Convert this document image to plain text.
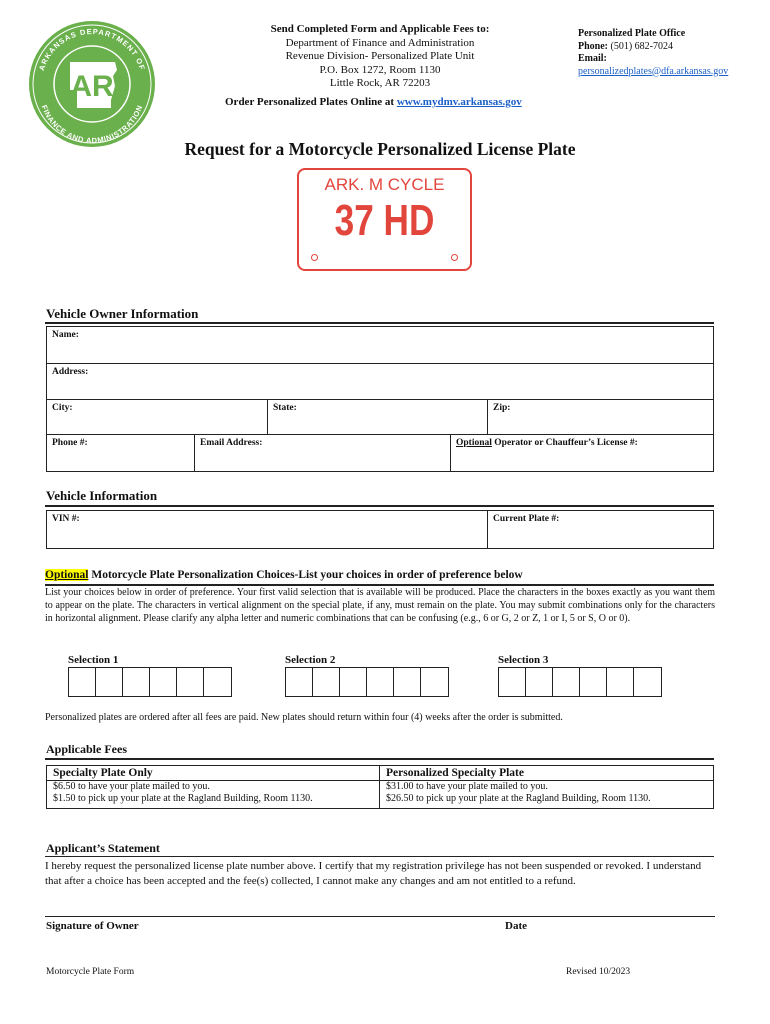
AR
ARKANSAS DEPARTMENT OF
FINANCE AND ADMINISTRATION
Send Completed Form and Applicable Fees to:
Department of Finance and Administration
Revenue Division- Personalized Plate Unit
P.O. Box 1272, Room 1130
Little Rock, AR 72203
Personalized Plate Office
Phone: (501) 682-7024
Email:
personalizedplates@dfa.arkansas.gov
Order Personalized Plates Online at www.mydmv.arkansas.gov
Request for a Motorcycle Personalized License Plate
ARK. M CYCLE
37 HD
Vehicle Owner Information
Name:
Address:
City:	State:	Zip:
Phone #:	Email Address:	Optional Operator or Chauffeur’s License #:
Vehicle Information
VIN #:	Current Plate #:
Optional Motorcycle Plate Personalization Choices-List your choices in order of preference below
List your choices below in order of preference. Your first valid selection that is available will be produced. Place the characters in the boxes exactly as you want them to appear on the plate. The characters in vertical alignment on the special plate, if any, must remain on the plate. You may submit combinations only for the characters in horizontal alignment. Please clarify any alpha letter and numeric combinations that can be confusing (e.g., 6 or G, 2 or Z, 1 or I, 5 or S, O or 0).
Selection 1	Selection 2	Selection 3
Personalized plates are ordered after all fees are paid. New plates should return within four (4) weeks after the order is submitted.
Applicable Fees
Specialty Plate Only
$6.50 to have your plate mailed to you.
$1.50 to pick up your plate at the Ragland Building, Room 1130.
Personalized Specialty Plate
$31.00 to have your plate mailed to you.
$26.50 to pick up your plate at the Ragland Building, Room 1130.
Applicant’s Statement
I hereby request the personalized license plate number above. I certify that my registration privilege has not been suspended or revoked. I understand that after a choice has been accepted and the fee(s) collected, I cannot make any changes and am not entitled to a refund.
Signature of Owner	Date
Motorcycle Plate Form	Revised 10/2023
